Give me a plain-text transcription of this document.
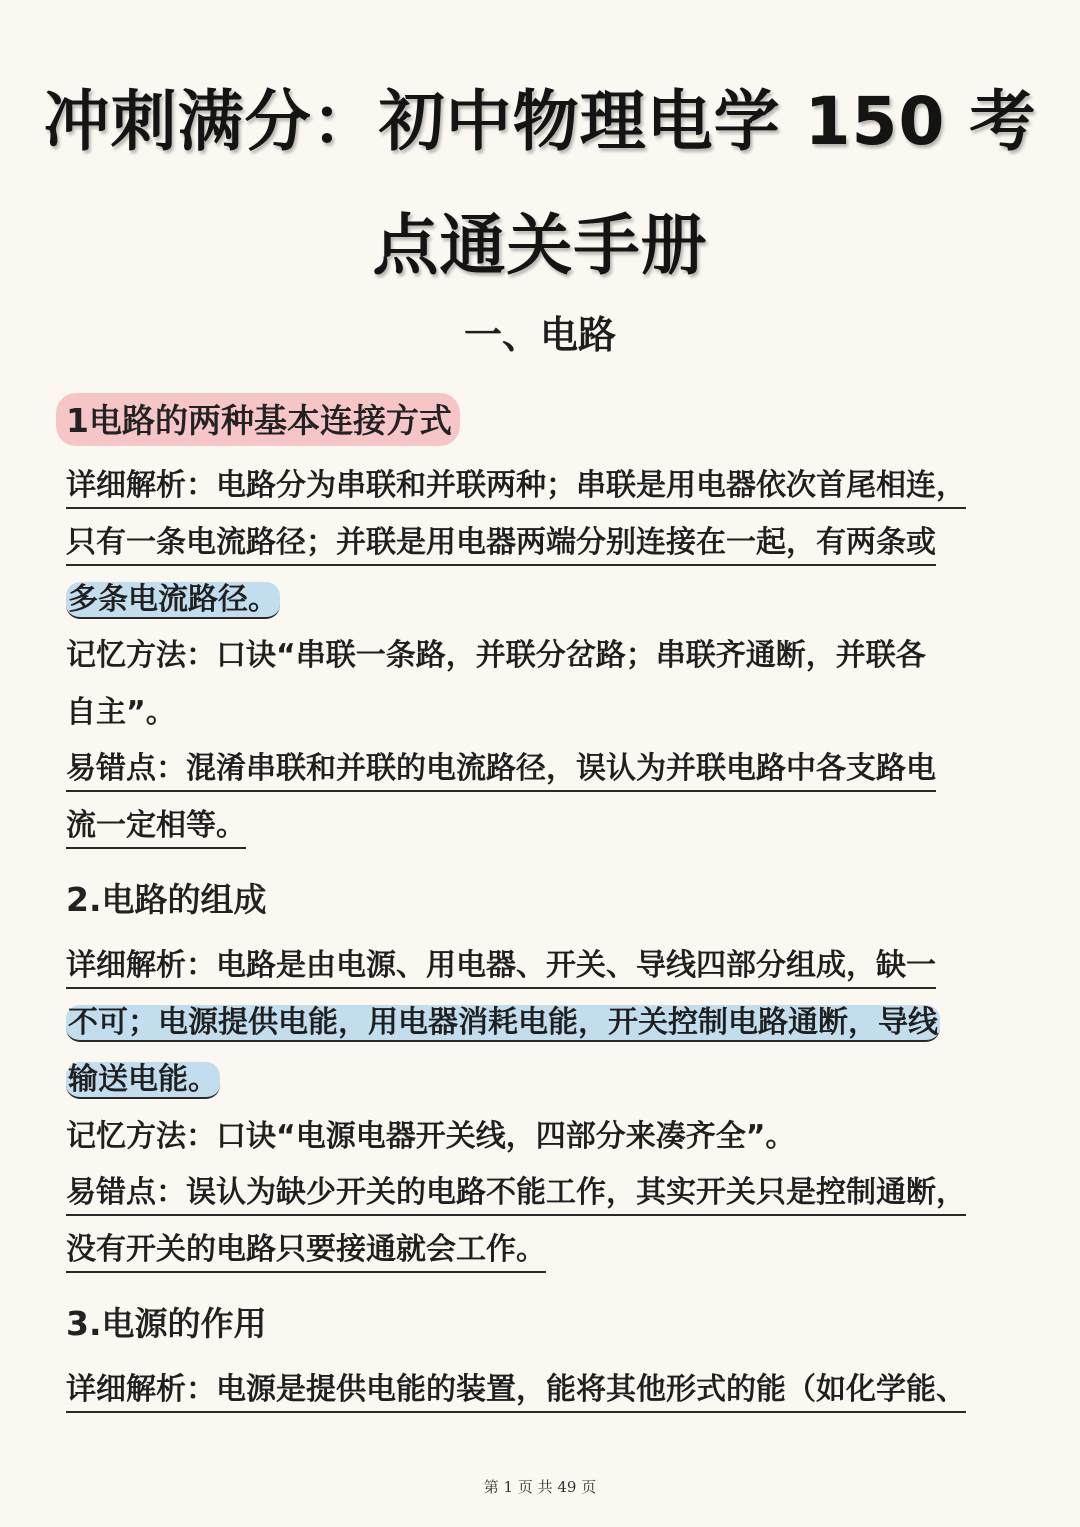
冲刺满分：初中物理电学 150 考
点通关手册
一、电路
1电路的两种基本连接方式
详细解析：电路分为串联和并联两种；串联是用电器依次首尾相连，
只有一条电流路径；并联是用电器两端分别连接在一起，有两条或
多条电流路径。
记忆方法：口诀“串联一条路，并联分岔路；串联齐通断，并联各
自主”。
易错点：混淆串联和并联的电流路径，误认为并联电路中各支路电
流一定相等。
2.电路的组成
详细解析：电路是由电源、用电器、开关、导线四部分组成，缺一
不可；电源提供电能，用电器消耗电能，开关控制电路通断，导线
输送电能。
记忆方法：口诀“电源电器开关线，四部分来凑齐全”。
易错点：误认为缺少开关的电路不能工作，其实开关只是控制通断，
没有开关的电路只要接通就会工作。
3.电源的作用
详细解析：电源是提供电能的装置，能将其他形式的能（如化学能、
第 1 页 共 49 页
